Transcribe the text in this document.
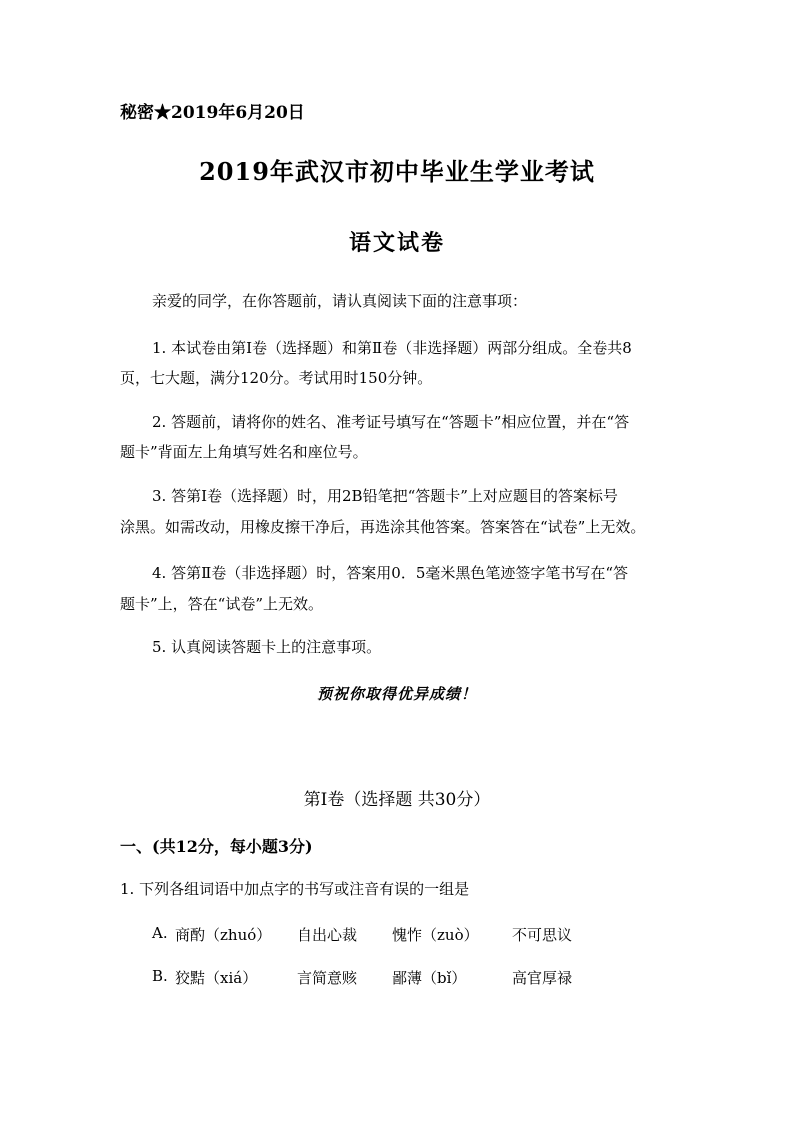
秘密★2019年6月20日
2019年武汉市初中毕业生学业考试
语文试卷
亲爱的同学，在你答题前，请认真阅读下面的注意事项：
1. 本试卷由第Ⅰ卷（选择题）和第Ⅱ卷（非选择题）两部分组成。全卷共8
页，七大题，满分120分。考试用时150分钟。
2. 答题前，请将你的姓名、准考证号填写在“答题卡”相应位置，并在“答
题卡”背面左上角填写姓名和座位号。
3. 答第Ⅰ卷（选择题）时，用2B铅笔把“答题卡”上对应题目的答案标号
涂黑。如需改动，用橡皮擦干净后，再选涂其他答案。答案答在“试卷”上无效。
4. 答第Ⅱ卷（非选择题）时，答案用0．5毫米黑色笔迹签字笔书写在“答
题卡”上，答在“试卷”上无效。
5. 认真阅读答题卡上的注意事项。
预祝你取得优异成绩！
第Ⅰ卷（选择题 共30分）
一、(共12分，每小题3分)
1. 下列各组词语中加点字的书写或注音有误的一组是
A. 商酌（zhuó） 自出心裁 愧怍（zuò） 不可思议
B. 狡黠（xiá）	言简意赅 鄙薄（bǐ）	高官厚禄
